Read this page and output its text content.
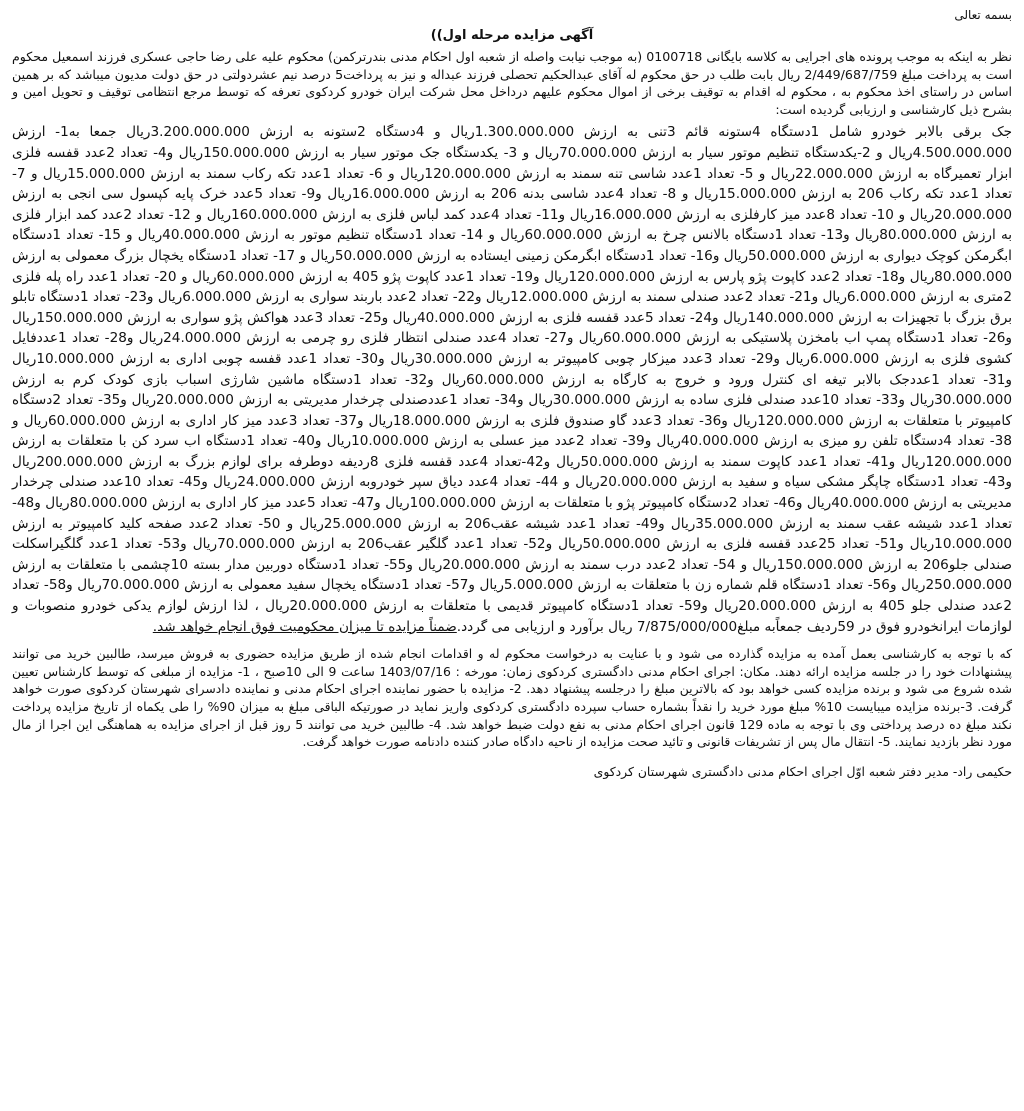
بسمه تعالی
آگهی مزایده مرحله اول))

نظر به اینکه به موجب پرونده های اجرایی به کلاسه بایگانی 0100718 (به موجب نیابت واصله از شعبه اول احکام مدنی بندرترکمن) محکوم علیه علی رضا حاجی عسکری فرزند اسمعیل محکوم است به پرداخت مبلغ 2/449/687/759 ریال بابت طلب در حق محکوم له آقای عبدالحکیم تحصلی فرزند عبداله و نیز به پرداخت5 درصد نیم عشردولتی در حق دولت مدیون میباشد که بر همین اساس در راستای اخذ محکوم به ، محکوم له اقدام به توقیف برخی از اموال محکوم علیهم درداخل محل شرکت ایران خودرو کردکوی تعرفه که توسط مرجع انتظامی توقیف و تحویل امین و بشرح ذیل کارشناسی و ارزیابی گردیده است:

جک برقی بالابر خودرو شامل 1دستگاه 4ستونه قائم 3تنی به ارزش 1.300.000.000ریال و 4دستگاه 2ستونه به ارزش 3.200.000.000ریال جمعا به1- ارزش 4.500.000.000ریال و 2-یکدستگاه تنظیم موتور سیار به ارزش 70.000.000ریال و 3- یکدستگاه جک موتور سیار به ارزش 150.000.000ریال و4- تعداد 2عدد قفسه فلزی ابزار تعمیرگاه به ارزش 22.000.000ریال و 5- تعداد 1عدد شاسی تنه سمند به ارزش 120.000.000ریال و 6- تعداد 1عدد تکه رکاب سمند به ارزش 15.000.000ریال و 7- تعداد 1عدد تکه رکاب 206 به ارزش 15.000.000ریال و 8- تعداد 4عدد شاسی بدنه 206 به ارزش 16.000.000ریال و9- تعداد 5عدد خرک پایه کپسول سی انجی به ارزش 20.000.000ریال و 10- تعداد 8عدد میز کارفلزی به ارزش 16.000.000ریال و11- تعداد 4عدد کمد لباس فلزی به ارزش 160.000.000ریال و 12- تعداد 2عدد کمد ابزار فلزی به ارزش 80.000.000ریال و13- تعداد 1دستگاه بالانس چرخ به ارزش 60.000.000ریال و 14- تعداد 1دستگاه تنظیم موتور به ارزش 40.000.000ریال و 15- تعداد 1دستگاه ابگرمکن کوچک دیواری به ارزش 50.000.000ریال و16- تعداد 1دستگاه ابگرمکن زمینی ایستاده به ارزش 50.000.000ریال و 17- تعداد 1دستگاه یخچال بزرگ معمولی به ارزش 80.000.000ریال و18- تعداد 2عدد کاپوت پژو پارس به ارزش 120.000.000ریال و19- تعداد 1عدد کاپوت پژو 405 به ارزش 60.000.000ریال و 20- تعداد 1عدد راه پله فلزی 2متری به ارزش 6.000.000ریال و21- تعداد 2عدد صندلی سمند به ارزش 12.000.000ریال و22- تعداد 2عدد باربند سواری به ارزش 6.000.000ریال و23- تعداد 1دستگاه تابلو برق بزرگ با تجهیزات به ارزش 140.000.000ریال و24- تعداد 5عدد قفسه فلزی به ارزش 40.000.000ریال و25- تعداد 3عدد هواکش پژو سواری به ارزش 150.000.000ریال و26- تعداد 1دستگاه پمپ اب بامخزن پلاستیکی به ارزش 60.000.000ریال و27- تعداد 4عدد صندلی انتظار فلزی رو چرمی به ارزش 24.000.000ریال و28- تعداد 1عددفایل کشوی فلزی به ارزش 6.000.000ریال و29- تعداد 3عدد میزکار چوبی کامپیوتر به ارزش 30.000.000ریال و30- تعداد 1عدد قفسه چوبی اداری به ارزش 10.000.000ریال و31- تعداد 1عددجک بالابر تیغه ای کنترل ورود و خروج به کارگاه به ارزش 60.000.000ریال و32- تعداد 1دستگاه ماشین شارژی اسباب بازی کودک کرم به ارزش 30.000.000ریال و33- تعداد 10عدد صندلی فلزی ساده به ارزش 30.000.000ریال و34- تعداد 1عددصندلی چرخدار مدیریتی به ارزش 20.000.000ریال و35- تعداد 2دستگاه کامپیوتر با متعلقات به ارزش 120.000.000ریال و36- تعداد 3عدد گاو صندوق فلزی به ارزش 18.000.000ریال و37- تعداد 3عدد میز کار اداری به ارزش 60.000.000ریال و 38- تعداد 4دستگاه تلفن رو میزی به ارزش 40.000.000ریال و39- تعداد 2عدد میز عسلی به ارزش 10.000.000ریال و40- تعداد 1دستگاه اب سرد کن با متعلقات به ارزش 120.000.000ریال و41- تعداد 1عدد کاپوت سمند به ارزش 50.000.000ریال و42-تعداد 4عدد قفسه فلزی 8ردیفه دوطرفه برای لوازم بزرگ به ارزش 200.000.000ریال و43- تعداد 1دستگاه چاپگر مشکی سیاه و سفید به ارزش 20.000.000ریال و 44- تعداد 4عدد دیاق سپر خودروبه ارزش 24.000.000ریال و45- تعداد 10عدد صندلی چرخدار مدیریتی به ارزش 40.000.000ریال و46- تعداد 2دستگاه کامپیوتر پژو با متعلقات به ارزش 100.000.000ریال و47- تعداد 5عدد میز کار اداری به ارزش 80.000.000ریال و48- تعداد 1عدد شیشه عقب سمند به ارزش 35.000.000ریال و49- تعداد 1عدد شیشه عقب206 به ارزش 25.000.000ریال و 50- تعداد 2عدد صفحه کلید کامپیوتر به ارزش 10.000.000ریال و51- تعداد 25عدد قفسه فلزی به ارزش 50.000.000ریال و52- تعداد 1عدد گلگیر عقب206 به ارزش 70.000.000ریال و53- تعداد 1عدد گلگیراسکلت صندلی جلو206 به ارزش 150.000.000ریال و 54- تعداد 2عدد درب سمند به ارزش 20.000.000ریال و55- تعداد 1دستگاه دوربین مدار بسته 10چشمی با متعلقات به ارزش 250.000.000ریال و56- تعداد 1دستگاه قلم شماره زن با متعلقات به ارزش 5.000.000ریال و57- تعداد 1دستگاه یخچال سفید معمولی به ارزش 70.000.000ریال و58- تعداد 2عدد صندلی جلو 405 به ارزش 20.000.000ریال و59- تعداد 1دستگاه کامپیوتر قدیمی با متعلقات به ارزش 20.000.000ریال ، لذا ارزش لوازم یدکی خودرو منصوبات و لوازمات ایرانخودرو فوق در 59ردیف جمعاًبه مبلغ7/875/000/000 ریال برآورد و ارزیابی می گردد.ضمناً مزایده تا میزان محکومیت فوق انجام خواهد شد.

که با توجه به کارشناسی بعمل آمده به مزایده گذارده می شود و با عنایت به درخواست محکوم له و اقدامات انجام شده از طریق مزایده حضوری به فروش میرسد، طالبین خرید می توانند پیشنهادات خود را در جلسه مزایده ارائه دهند. مکان: اجرای احکام مدنی دادگستری کردکوی زمان: مورخه : 1403/07/16 ساعت 9 الی 10صبح ، 1- مزایده از مبلغی که توسط کارشناس تعیین شده شروع می شود و برنده مزایده کسی خواهد بود که بالاترین مبلغ را درجلسه پیشنهاد دهد. 2- مزایده با حضور نماینده اجرای احکام مدنی و نماینده دادسرای شهرستان کردکوی صورت خواهد گرفت. 3-برنده مزایده میبایست 10% مبلغ مورد خرید را نقداً بشماره حساب سپرده دادگستری کردکوی واریز نماید در صورتیکه الباقی مبلغ به میزان 90% را طی یکماه از تاریخ مزایده پرداخت نکند مبلغ ده درصد پرداختی وی با توجه به ماده 129 قانون اجرای احکام مدنی به نفع دولت ضبط خواهد شد. 4- طالبین خرید می توانند 5 روز قبل از اجرای مزایده به هماهنگی این اجرا از مال مورد نظر بازدید نمایند. 5- انتقال مال پس از تشریفات قانونی و تائید صحت مزایده از ناحیه دادگاه صادر کننده دادنامه صورت خواهد گرفت.

حکیمی راد- مدیر دفتر شعبه اوّل اجرای احکام مدنی دادگستری شهرستان کردکوی
